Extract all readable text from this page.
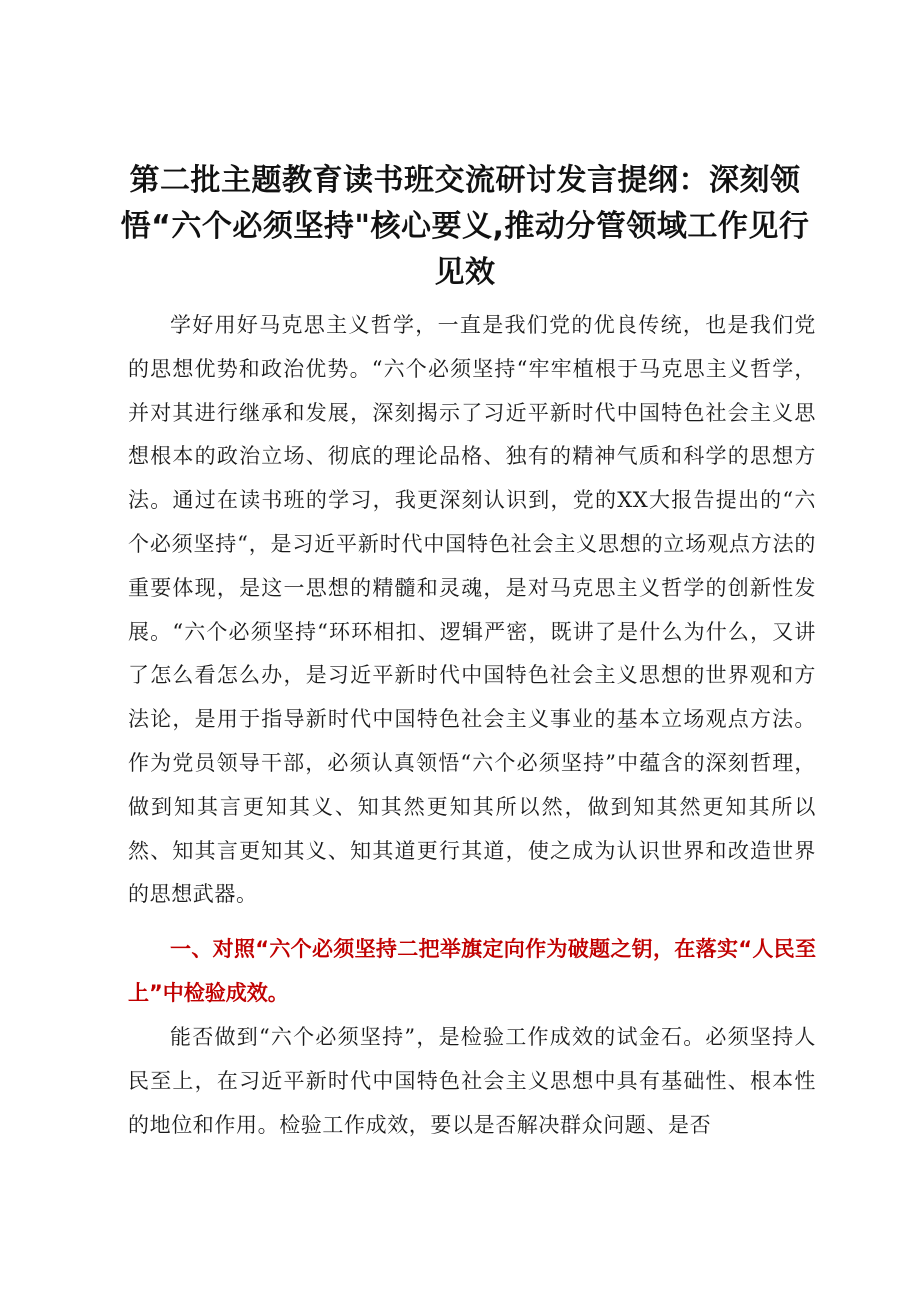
第二批主题教育读书班交流研讨发言提纲：深刻领悟“六个必须坚持"核心要义,推动分管领域工作见行见效

学好用好马克思主义哲学，一直是我们党的优良传统，也是我们党的思想优势和政治优势。“六个必须坚持“牢牢植根于马克思主义哲学，并对其进行继承和发展，深刻揭示了习近平新时代中国特色社会主义思想根本的政治立场、彻底的理论品格、独有的精神气质和科学的思想方法。通过在读书班的学习，我更深刻认识到，党的XX大报告提出的“六个必须坚持“，是习近平新时代中国特色社会主义思想的立场观点方法的重要体现，是这一思想的精髓和灵魂，是对马克思主义哲学的创新性发展。“六个必须坚持“环环相扣、逻辑严密，既讲了是什么为什么，又讲了怎么看怎么办，是习近平新时代中国特色社会主义思想的世界观和方法论，是用于指导新时代中国特色社会主义事业的基本立场观点方法。作为党员领导干部，必须认真领悟“六个必须坚持”中蕴含的深刻哲理，做到知其言更知其义、知其然更知其所以然，做到知其然更知其所以然、知其言更知其义、知其道更行其道，使之成为认识世界和改造世界的思想武器。

一、对照“六个必须坚持二把举旗定向作为破题之钥，在落实“人民至上”中检验成效。

能否做到“六个必须坚持”，是检验工作成效的试金石。必须坚持人民至上，在习近平新时代中国特色社会主义思想中具有基础性、根本性的地位和作用。检验工作成效，要以是否解决群众问题、是否
